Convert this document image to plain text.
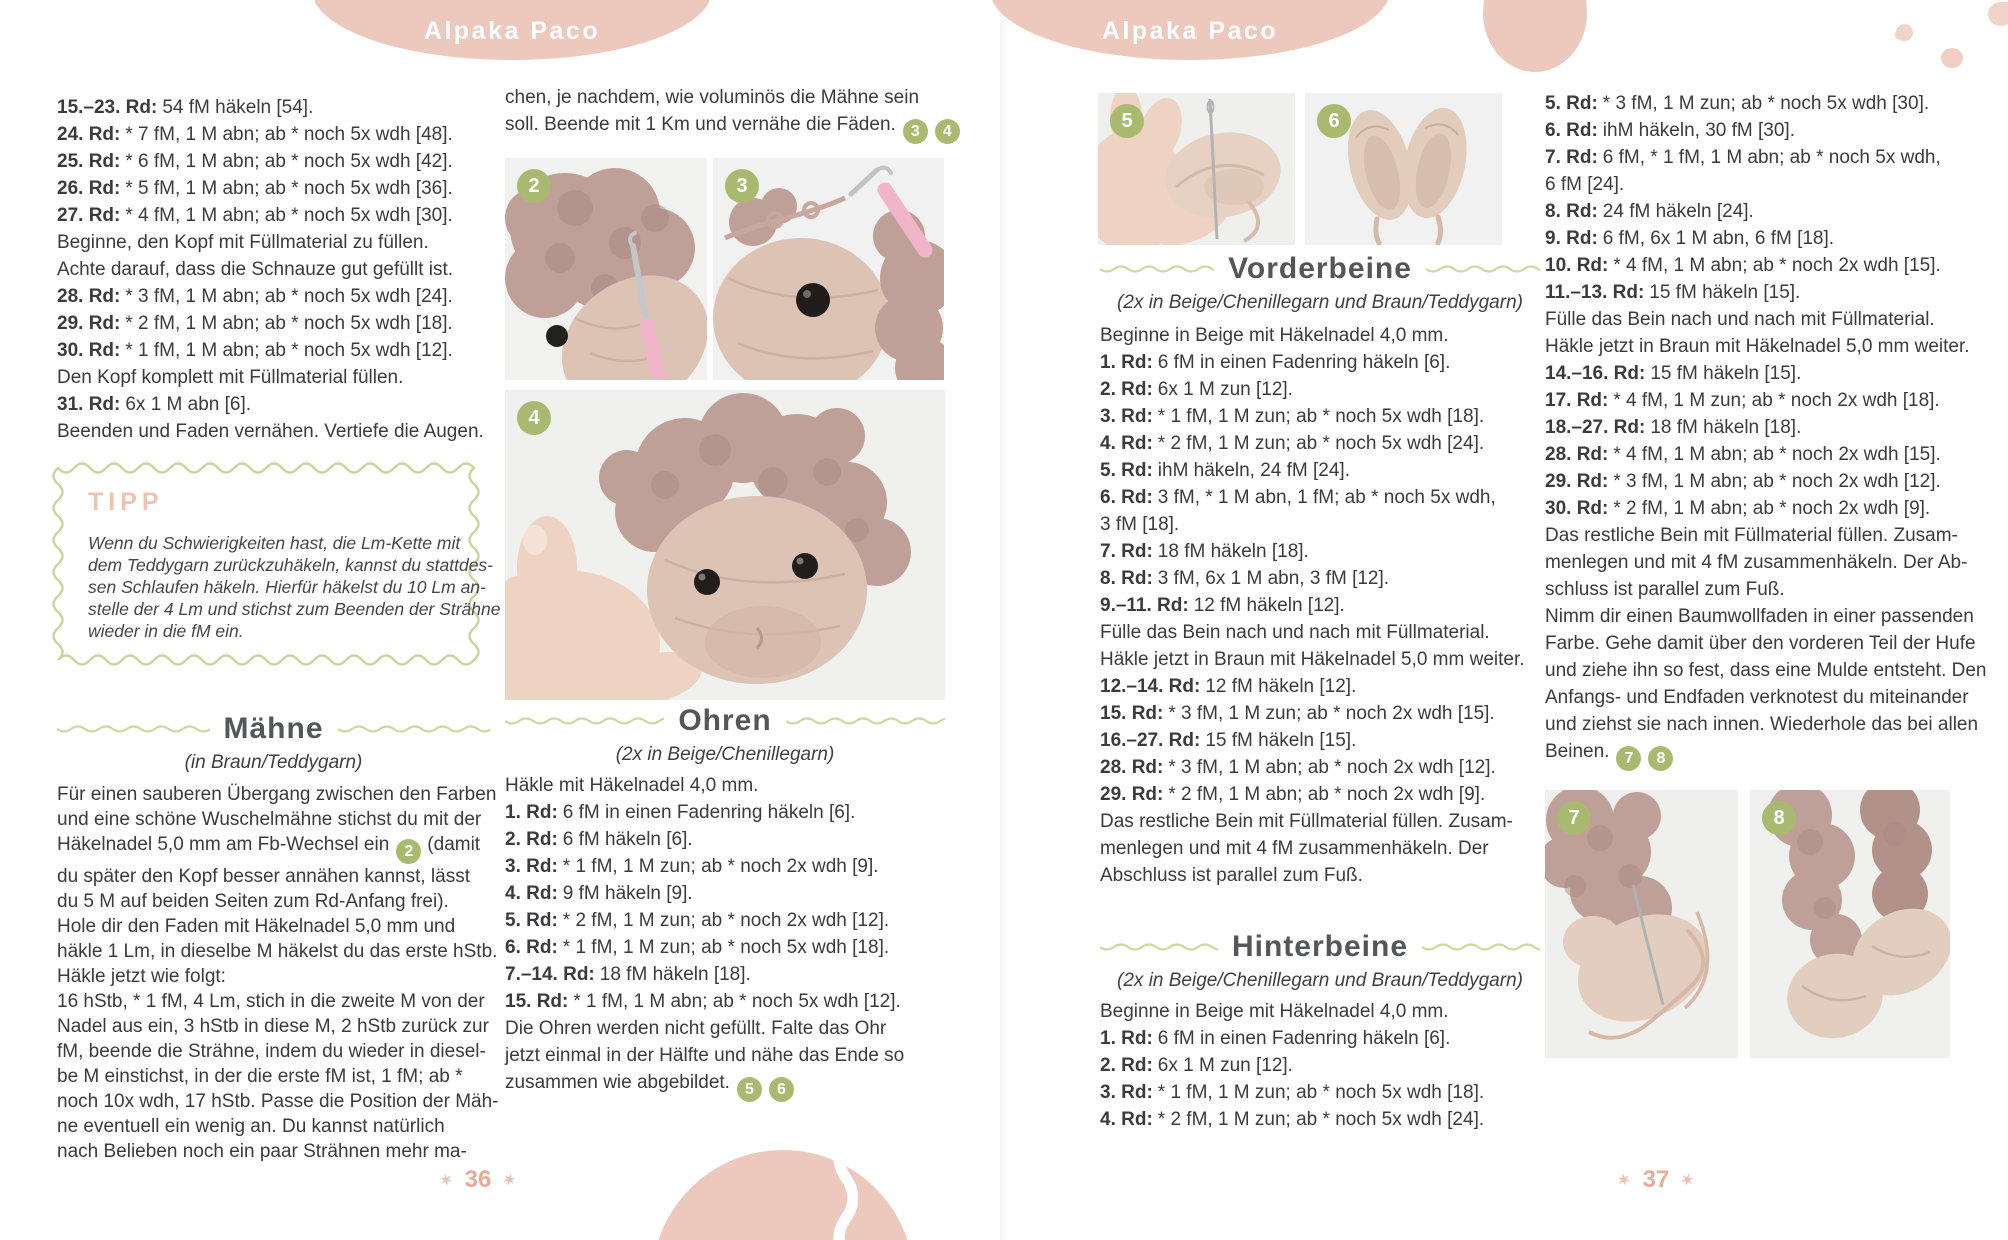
Alpaka Paco	Alpaka Paco
15.–23. Rd: 54 fM häkeln [54].
24. Rd: * 7 fM, 1 M abn; ab * noch 5x wdh [48].
25. Rd: * 6 fM, 1 M abn; ab * noch 5x wdh [42].
26. Rd: * 5 fM, 1 M abn; ab * noch 5x wdh [36].
27. Rd: * 4 fM, 1 M abn; ab * noch 5x wdh [30].
Beginne, den Kopf mit Füllmaterial zu füllen.
Achte darauf, dass die Schnauze gut gefüllt ist.
28. Rd: * 3 fM, 1 M abn; ab * noch 5x wdh [24].
29. Rd: * 2 fM, 1 M abn; ab * noch 5x wdh [18].
30. Rd: * 1 fM, 1 M abn; ab * noch 5x wdh [12].
Den Kopf komplett mit Füllmaterial füllen.
31. Rd: 6x 1 M abn [6].
Beenden und Faden vernähen. Vertiefe die Augen.
TIPP
Wenn du Schwierigkeiten hast, die Lm-Kette mit
dem Teddygarn zurückzuhäkeln, kannst du stattdes-
sen Schlaufen häkeln. Hierfür häkelst du 10 Lm an-
stelle der 4 Lm und stichst zum Beenden der Strähne
wieder in die fM ein.
Mähne
(in Braun/Teddygarn)
Für einen sauberen Übergang zwischen den Farben
und eine schöne Wuschelmähne stichst du mit der
Häkelnadel 5,0 mm am Fb-Wechsel ein 2 (damit
du später den Kopf besser annähen kannst, lässt
du 5 M auf beiden Seiten zum Rd-Anfang frei).
Hole dir den Faden mit Häkelnadel 5,0 mm und
häkle 1 Lm, in dieselbe M häkelst du das erste hStb.
Häkle jetzt wie folgt:
16 hStb, * 1 fM, 4 Lm, stich in die zweite M von der
Nadel aus ein, 3 hStb in diese M, 2 hStb zurück zur
fM, beende die Strähne, indem du wieder in diesel-
be M einstichst, in der die erste fM ist, 1 fM; ab *
noch 10x wdh, 17 hStb. Passe die Position der Mäh-
ne eventuell ein wenig an. Du kannst natürlich
nach Belieben noch ein paar Strähnen mehr ma-
chen, je nachdem, wie voluminös die Mähne sein
soll. Beende mit 1 Km und vernähe die Fäden. 3 4
2	3
4
Ohren
(2x in Beige/Chenillegarn)
Häkle mit Häkelnadel 4,0 mm.
1. Rd: 6 fM in einen Fadenring häkeln [6].
2. Rd: 6 fM häkeln [6].
3. Rd: * 1 fM, 1 M zun; ab * noch 2x wdh [9].
4. Rd: 9 fM häkeln [9].
5. Rd: * 2 fM, 1 M zun; ab * noch 2x wdh [12].
6. Rd: * 1 fM, 1 M zun; ab * noch 5x wdh [18].
7.–14. Rd: 18 fM häkeln [18].
15. Rd: * 1 fM, 1 M abn; ab * noch 5x wdh [12].
Die Ohren werden nicht gefüllt. Falte das Ohr
jetzt einmal in der Hälfte und nähe das Ende so
zusammen wie abgebildet. 5 6
5	6
Vorderbeine
(2x in Beige/Chenillegarn und Braun/Teddygarn)
Beginne in Beige mit Häkelnadel 4,0 mm.
1. Rd: 6 fM in einen Fadenring häkeln [6].
2. Rd: 6x 1 M zun [12].
3. Rd: * 1 fM, 1 M zun; ab * noch 5x wdh [18].
4. Rd: * 2 fM, 1 M zun; ab * noch 5x wdh [24].
5. Rd: ihM häkeln, 24 fM [24].
6. Rd: 3 fM, * 1 M abn, 1 fM; ab * noch 5x wdh,
3 fM [18].
7. Rd: 18 fM häkeln [18].
8. Rd: 3 fM, 6x 1 M abn, 3 fM [12].
9.–11. Rd: 12 fM häkeln [12].
Fülle das Bein nach und nach mit Füllmaterial.
Häkle jetzt in Braun mit Häkelnadel 5,0 mm weiter.
12.–14. Rd: 12 fM häkeln [12].
15. Rd: * 3 fM, 1 M zun; ab * noch 2x wdh [15].
16.–27. Rd: 15 fM häkeln [15].
28. Rd: * 3 fM, 1 M abn; ab * noch 2x wdh [12].
29. Rd: * 2 fM, 1 M abn; ab * noch 2x wdh [9].
Das restliche Bein mit Füllmaterial füllen. Zusam-
menlegen und mit 4 fM zusammenhäkeln. Der
Abschluss ist parallel zum Fuß.
Hinterbeine
(2x in Beige/Chenillegarn und Braun/Teddygarn)
Beginne in Beige mit Häkelnadel 4,0 mm.
1. Rd: 6 fM in einen Fadenring häkeln [6].
2. Rd: 6x 1 M zun [12].
3. Rd: * 1 fM, 1 M zun; ab * noch 5x wdh [18].
4. Rd: * 2 fM, 1 M zun; ab * noch 5x wdh [24].
5. Rd: * 3 fM, 1 M zun; ab * noch 5x wdh [30].
6. Rd: ihM häkeln, 30 fM [30].
7. Rd: 6 fM, * 1 fM, 1 M abn; ab * noch 5x wdh,
6 fM [24].
8. Rd: 24 fM häkeln [24].
9. Rd: 6 fM, 6x 1 M abn, 6 fM [18].
10. Rd: * 4 fM, 1 M abn; ab * noch 2x wdh [15].
11.–13. Rd: 15 fM häkeln [15].
Fülle das Bein nach und nach mit Füllmaterial.
Häkle jetzt in Braun mit Häkelnadel 5,0 mm weiter.
14.–16. Rd: 15 fM häkeln [15].
17. Rd: * 4 fM, 1 M zun; ab * noch 2x wdh [18].
18.–27. Rd: 18 fM häkeln [18].
28. Rd: * 4 fM, 1 M abn; ab * noch 2x wdh [15].
29. Rd: * 3 fM, 1 M abn; ab * noch 2x wdh [12].
30. Rd: * 2 fM, 1 M abn; ab * noch 2x wdh [9].
Das restliche Bein mit Füllmaterial füllen. Zusam-
menlegen und mit 4 fM zusammenhäkeln. Der Ab-
schluss ist parallel zum Fuß.
Nimm dir einen Baumwollfaden in einer passenden
Farbe. Gehe damit über den vorderen Teil der Hufe
und ziehe ihn so fest, dass eine Mulde entsteht. Den
Anfangs- und Endfaden verknotest du miteinander
und ziehst sie nach innen. Wiederhole das bei allen
Beinen. 7 8
7	8
✶ 36 ✶	✶ 37 ✶
